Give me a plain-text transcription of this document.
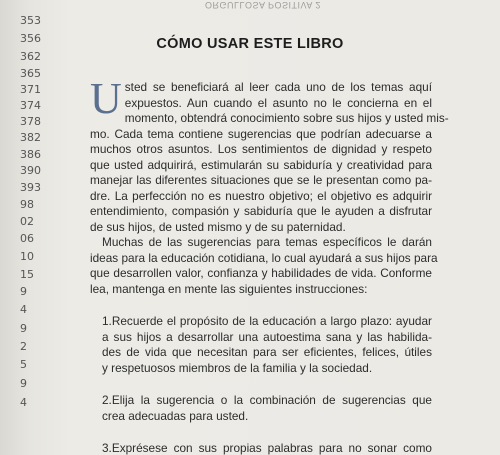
353
356
362
365
371
374
378
382
386
390
393
98
02
06
10
15
9
4
9
2
5
9
4
ORGULLOSA POSITIVA 2
CÓMO USAR ESTE LIBRO
U sted se beneficiará al leer cada uno de los temas aquí
expuestos. Aun cuando el asunto no le concierna en el
momento, obtendrá conocimiento sobre sus hijos y usted mis-
mo. Cada tema contiene sugerencias que podrían adecuarse a
muchos otros asuntos. Los sentimientos de dignidad y respeto
que usted adquirirá, estimularán su sabiduría y creatividad para
manejar las diferentes situaciones que se le presentan como pa-
dre. La perfección no es nuestro objetivo; el objetivo es adquirir
entendimiento, compasión y sabiduría que le ayuden a disfrutar
de sus hijos, de usted mismo y de su paternidad.
Muchas de las sugerencias para temas específicos le darán
ideas para la educación cotidiana, lo cual ayudará a sus hijos para
que desarrollen valor, confianza y habilidades de vida. Conforme
lea, mantenga en mente las siguientes instrucciones:
1.Recuerde el propósito de la educación a largo plazo: ayudar
a sus hijos a desarrollar una autoestima sana y las habilida-
des de vida que necesitan para ser eficientes, felices, útiles
y respetuosos miembros de la familia y la sociedad.
2.Elija la sugerencia o la combinación de sugerencias que
crea adecuadas para usted.
3.Exprésese con sus propias palabras para no sonar como
